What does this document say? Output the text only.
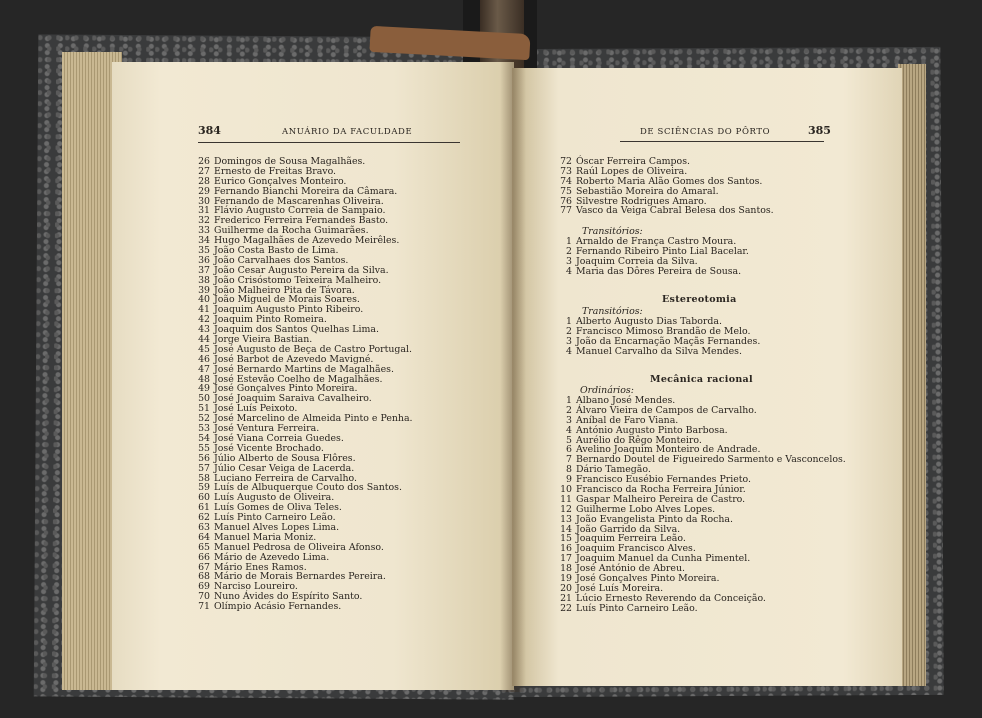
384	ANUÁRIO DA FACULDADE
26 Domingos de Sousa Magalhães.
27 Ernesto de Freitas Bravo.
28 Eurico Gonçalves Monteiro.
29 Fernando Bianchi Moreira da Câmara.
30 Fernando de Mascarenhas Oliveira.
31 Flávio Augusto Correia de Sampaio.
32 Frederico Ferreira Fernandes Basto.
33 Guilherme da Rocha Guimarães.
34 Hugo Magalhães de Azevedo Meirêles.
35 João Costa Basto de Lima.
36 João Carvalhaes dos Santos.
37 João Cesar Augusto Pereira da Silva.
38 João Crisóstomo Teixeira Malheiro.
39 João Malheiro Pita de Távora.
40 João Miguel de Morais Soares.
41 Joaquim Augusto Pinto Ribeiro.
42 Joaquim Pinto Romeira.
43 Joaquim dos Santos Quelhas Lima.
44 Jorge Vieira Bastian.
45 José Augusto de Beça de Castro Portugal.
46 José Barbot de Azevedo Mavigné.
47 José Bernardo Martins de Magalhães.
48 José Estevão Coelho de Magalhães.
49 José Gonçalves Pinto Moreira.
50 José Joaquim Saraiva Cavalheiro.
51 José Luís Peixoto.
52 José Marcelino de Almeida Pinto e Penha.
53 José Ventura Ferreira.
54 José Viana Correia Guedes.
55 José Vicente Brochado.
56 Júlio Alberto de Sousa Flôres.
57 Júlio Cesar Veiga de Lacerda.
58 Luciano Ferreira de Carvalho.
59 Luís de Albuquerque Couto dos Santos.
60 Luís Augusto de Oliveira.
61 Luís Gomes de Oliva Teles.
62 Luís Pinto Carneiro Leão.
63 Manuel Alves Lopes Lima.
64 Manuel Maria Moniz.
65 Manuel Pedrosa de Oliveira Afonso.
66 Mário de Azevedo Lima.
67 Mário Enes Ramos.
68 Mário de Morais Bernardes Pereira.
69 Narciso Loureiro.
70 Nuno Ávides do Espírito Santo.
71 Olímpio Acásio Fernandes.
DE SCIÊNCIAS DO PÔRTO	385
72 Óscar Ferreira Campos.
73 Raúl Lopes de Oliveira.
74 Roberto Maria Alão Gomes dos Santos.
75 Sebastião Moreira do Amaral.
76 Silvestre Rodrigues Amaro.
77 Vasco da Veiga Cabral Belesa dos Santos.
Transitórios:
1 Arnaldo de França Castro Moura.
2 Fernando Ribeiro Pinto Lial Bacelar.
3 Joaquim Correia da Silva.
4 Maria das Dôres Pereira de Sousa.
Estereotomia
Transitórios:
1 Alberto Augusto Dias Taborda.
2 Francisco Mimoso Brandão de Melo.
3 João da Encarnação Maçãs Fernandes.
4 Manuel Carvalho da Silva Mendes.
Mecânica racional
Ordinários:
1 Albano José Mendes.
2 Álvaro Vieira de Campos de Carvalho.
3 Aníbal de Faro Viana.
4 António Augusto Pinto Barbosa.
5 Aurélio do Rêgo Monteiro.
6 Avelino Joaquim Monteiro de Andrade.
7 Bernardo Doutel de Figueiredo Sarmento e Vasconcelos.
8 Dário Tamegão.
9 Francisco Eusébio Fernandes Prieto.
10 Francisco da Rocha Ferreira Júnior.
11 Gaspar Malheiro Pereira de Castro.
12 Guilherme Lobo Alves Lopes.
13 João Evangelista Pinto da Rocha.
14 João Garrido da Silva.
15 Joaquim Ferreira Leão.
16 Joaquim Francisco Alves.
17 Joaquim Manuel da Cunha Pimentel.
18 José António de Abreu.
19 José Gonçalves Pinto Moreira.
20 José Luís Moreira.
21 Lúcio Ernesto Reverendo da Conceição.
22 Luís Pinto Carneiro Leão.
